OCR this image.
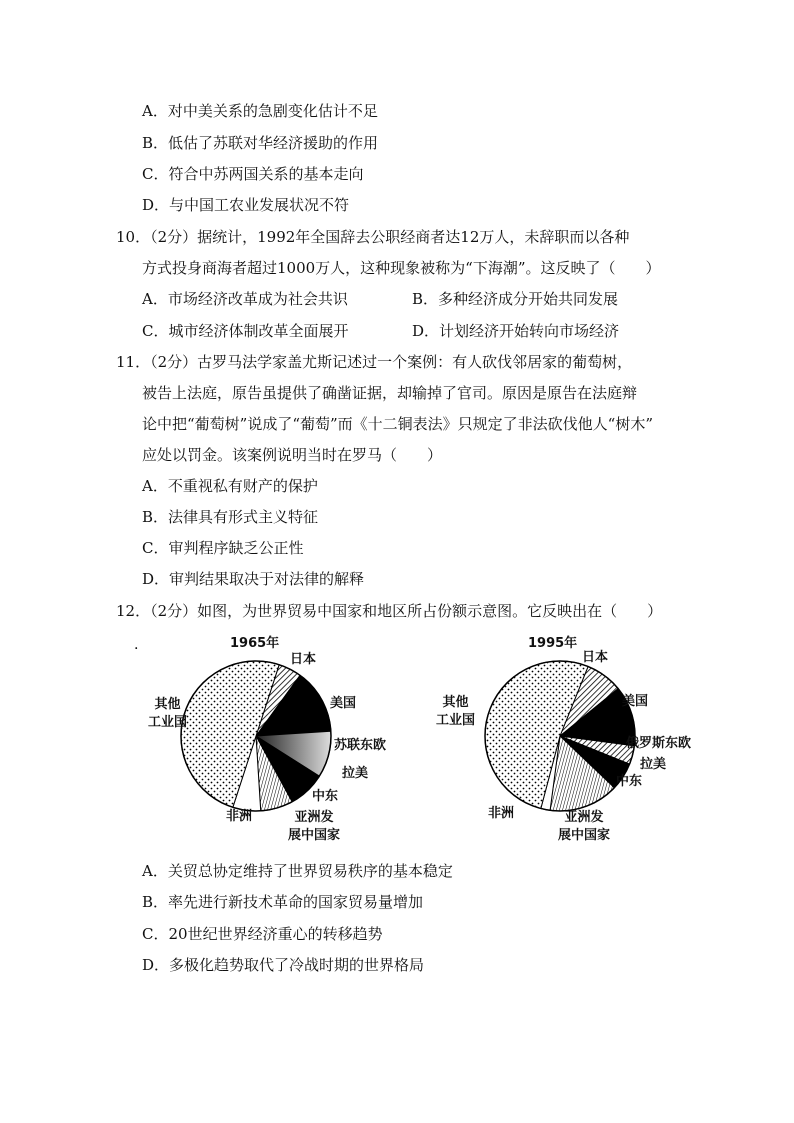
A．对中美关系的急剧变化估计不足
B．低估了苏联对华经济援助的作用
C．符合中苏两国关系的基本走向
D．与中国工农业发展状况不符
10．（2分）据统计，1992年全国辞去公职经商者达12万人，未辞职而以各种
方式投身商海者超过1000万人，这种现象被称为“下海潮”。这反映了（　　）
A．市场经济改革成为社会共识	B．多种经济成分开始共同发展
C．城市经济体制改革全面展开	D．计划经济开始转向市场经济
11．（2分）古罗马法学家盖尤斯记述过一个案例：有人砍伐邻居家的葡萄树，
被告上法庭，原告虽提供了确凿证据，却输掉了官司。原因是原告在法庭辩
论中把“葡萄树”说成了“葡萄”而《十二铜表法》只规定了非法砍伐他人“树木”
应处以罚金。该案例说明当时在罗马（　　）
A．不重视私有财产的保护
B．法律具有形式主义特征
C．审判程序缺乏公正性
D．审判结果取决于对法律的解释
12．（2分）如图，为世界贸易中国家和地区所占份额示意图。它反映出在（　　）
.
日本
美国
苏联东欧
拉美
中东
亚洲发
展中国家
非洲
其他
工业国
1965年
日本
美国
俄罗斯东欧
拉美
中东
亚洲发
展中国家
非洲
其他
工业国
1995年
A．关贸总协定维持了世界贸易秩序的基本稳定
B．率先进行新技术革命的国家贸易量增加
C．20世纪世界经济重心的转移趋势
D．多极化趋势取代了冷战时期的世界格局
